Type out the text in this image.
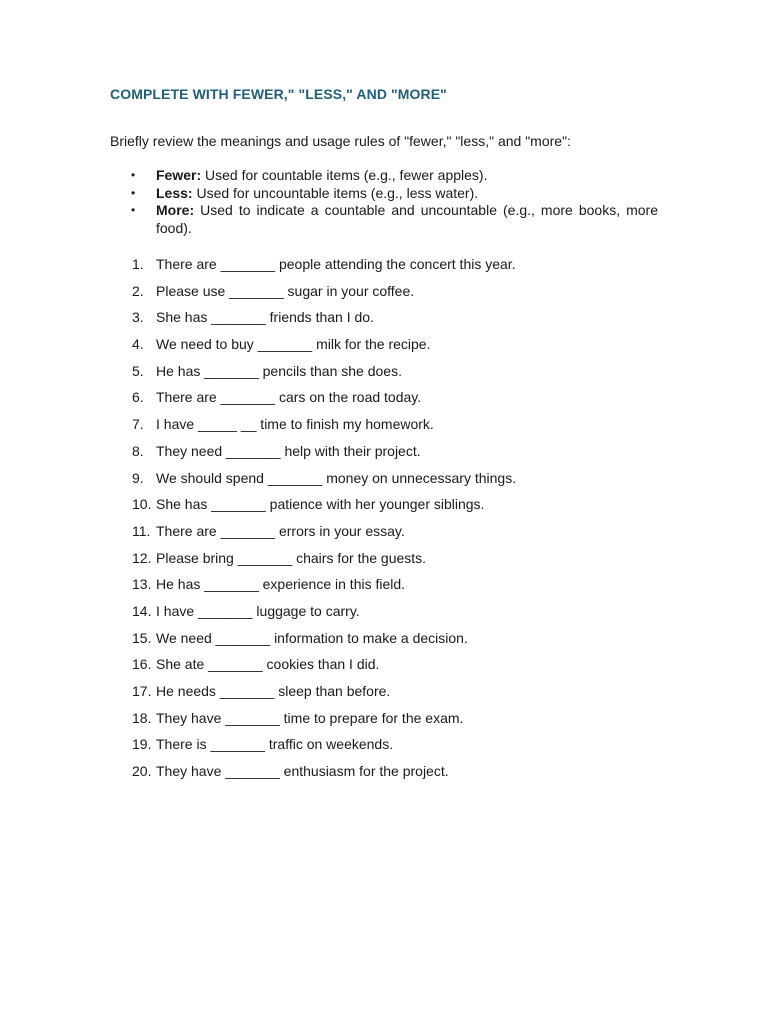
COMPLETE WITH FEWER," "LESS," AND "MORE"
Briefly review the meanings and usage rules of "fewer," "less," and "more":
• Fewer: Used for countable items (e.g., fewer apples).
• Less: Used for uncountable items (e.g., less water).
• More: Used to indicate a countable and uncountable (e.g., more books, more food).
1. There are _______ people attending the concert this year.
2. Please use _______ sugar in your coffee.
3. She has _______ friends than I do.
4. We need to buy _______ milk for the recipe.
5. He has _______ pencils than she does.
6. There are _______ cars on the road today.
7. I have _____ __ time to finish my homework.
8. They need _______ help with their project.
9. We should spend _______ money on unnecessary things.
10. She has _______ patience with her younger siblings.
11. There are _______ errors in your essay.
12. Please bring _______ chairs for the guests.
13. He has _______ experience in this field.
14. I have _______ luggage to carry.
15. We need _______ information to make a decision.
16. She ate _______ cookies than I did.
17. He needs _______ sleep than before.
18. They have _______ time to prepare for the exam.
19. There is _______ traffic on weekends.
20. They have _______ enthusiasm for the project.
